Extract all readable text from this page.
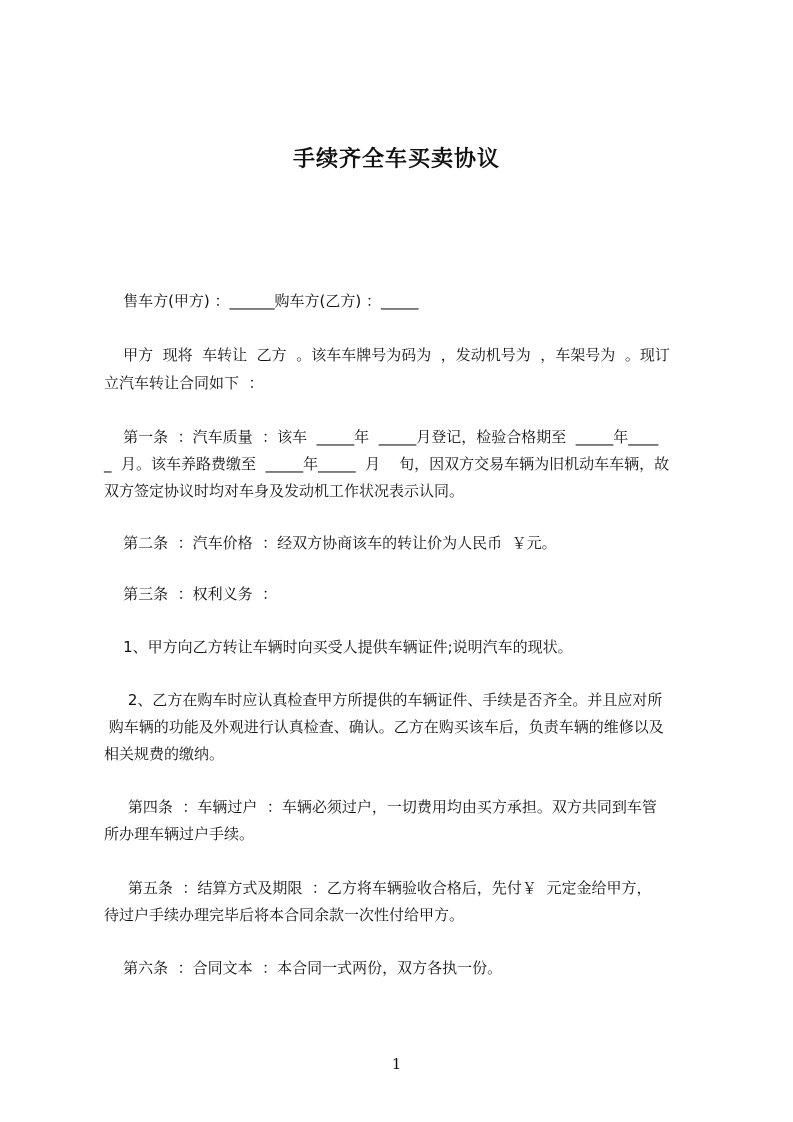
手续齐全车买卖协议
售车方(甲方) ：______购车方(乙方) ：_____
甲方  现将  车转让  乙方  。该车车牌号为码为  ，发动机号为  ，车架号为  。现订
立汽车转让合同如下  ：
第一条  ：汽车质量  ：该车  _____年  _____月登记，检验合格期至  _____年____
_  月。该车养路费缴至  _____年_____  月    旬，因双方交易车辆为旧机动车车辆，故
双方签定协议时均对车身及发动机工作状况表示认同。
第二条  ：汽车价格  ：经双方协商该车的转让价为人民币  ￥元。
第三条  ：权利义务  ：
1、甲方向乙方转让车辆时向买受人提供车辆证件;说明汽车的现状。
2、乙方在购车时应认真检查甲方所提供的车辆证件、手续是否齐全。并且应对所
购车辆的功能及外观进行认真检查、确认。乙方在购买该车后，负责车辆的维修以及
相关规费的缴纳。
第四条  ：车辆过户  ：车辆必须过户，一切费用均由买方承担。双方共同到车管
所办理车辆过户手续。
第五条  ：结算方式及期限  ：乙方将车辆验收合格后，先付￥  元定金给甲方，
待过户手续办理完毕后将本合同余款一次性付给甲方。
第六条  ：合同文本  ：本合同一式两份，双方各执一份。
1
